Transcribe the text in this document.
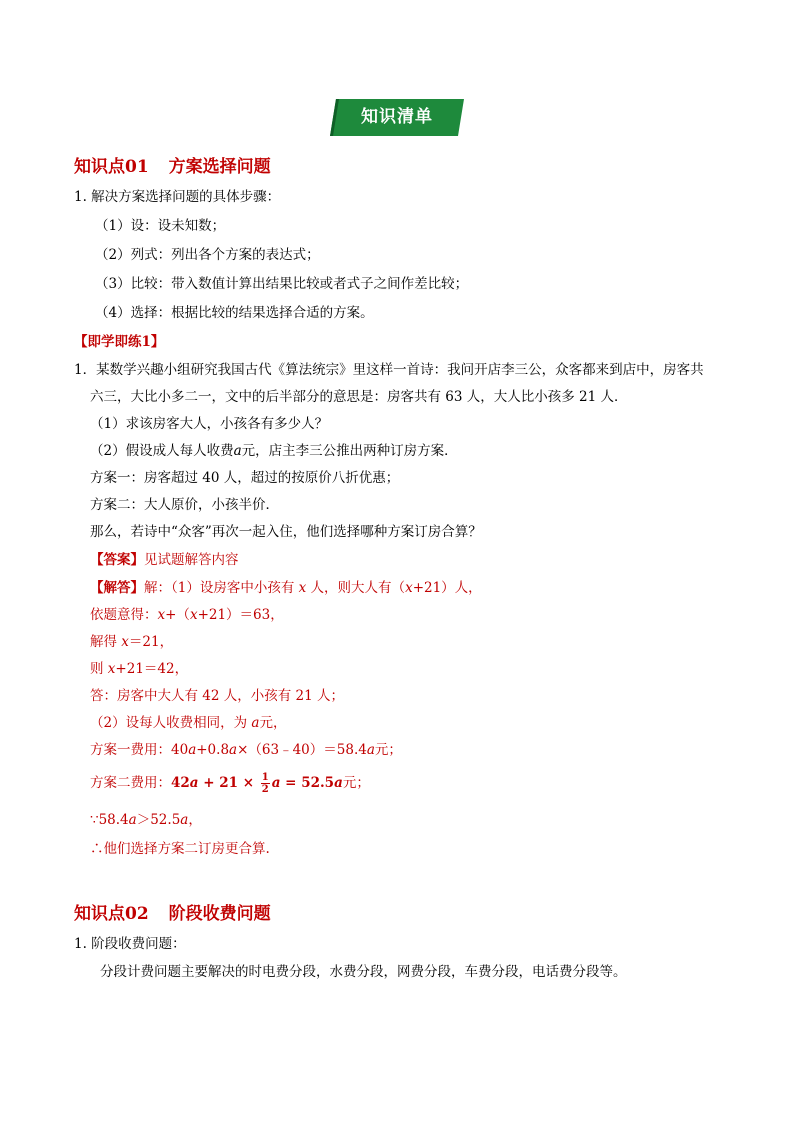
知识清单
知识点01 方案选择问题
1. 解决方案选择问题的具体步骤：
（1）设：设未知数；
（2）列式：列出各个方案的表达式；
（3）比较：带入数值计算出结果比较或者式子之间作差比较；
（4）选择：根据比较的结果选择合适的方案。
【即学即练1】
1．某数学兴趣小组研究我国古代《算法统宗》里这样一首诗：我问开店李三公，众客都来到店中，房客共
六三，大比小多二一，文中的后半部分的意思是：房客共有 63 人，大人比小孩多 21 人．
（1）求该房客大人，小孩各有多少人？
（2）假设成人每人收费a元，店主李三公推出两种订房方案．
方案一：房客超过 40 人，超过的按原价八折优惠；
方案二：大人原价，小孩半价．
那么，若诗中“众客”再次一起入住，他们选择哪种方案订房合算？
【答案】见试题解答内容
【解答】解：（1）设房客中小孩有 x 人，则大人有（x+21）人，
依题意得：x+（x+21）＝63，
解得 x＝21，
则 x+21＝42，
答：房客中大人有 42 人，小孩有 21 人；
（2）设每人收费相同，为 a元，
方案一费用：40a+0.8a×（63﹣40）＝58.4a元；
方案二费用：$42a + 21 \times \frac{1}{2}$ a = 52.5a元；
∵58.4a＞52.5a，
∴他们选择方案二订房更合算.
知识点02 阶段收费问题
1. 阶段收费问题：
分段计费问题主要解决的时电费分段，水费分段，网费分段，车费分段，电话费分段等。
